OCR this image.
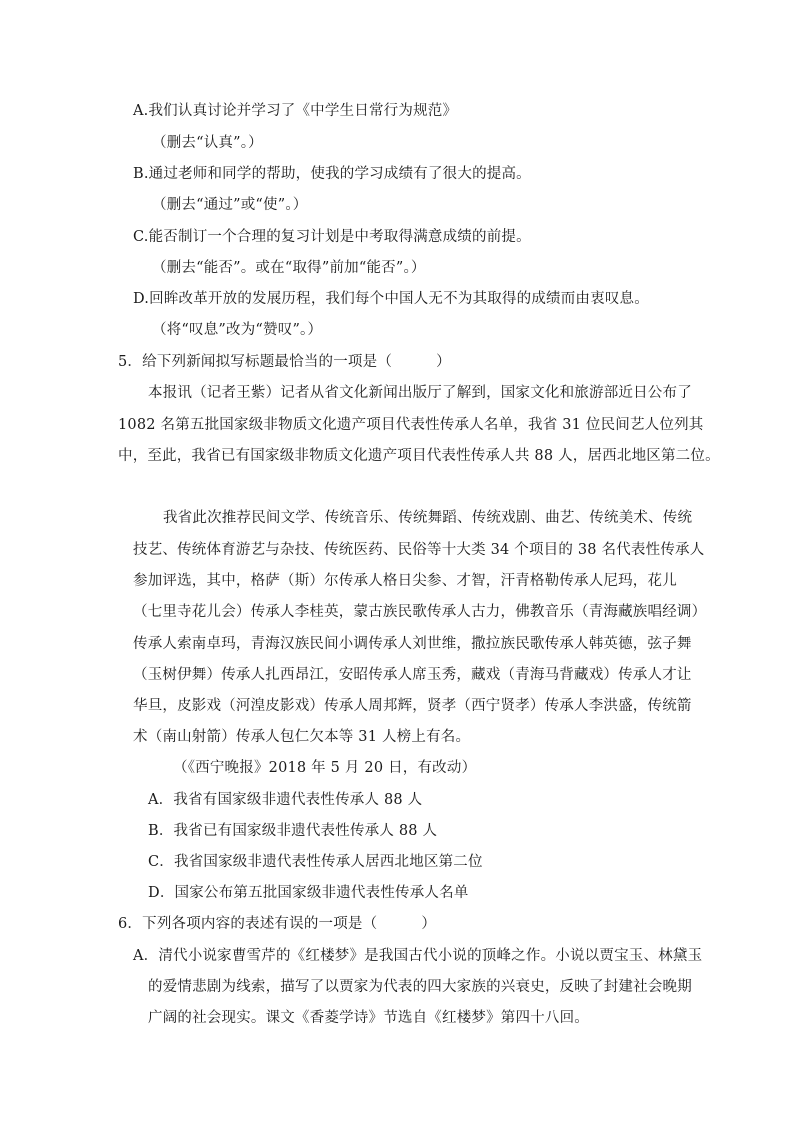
A.我们认真讨论并学习了《中学生日常行为规范》
（删去“认真”。）
B.通过老师和同学的帮助，使我的学习成绩有了很大的提高。
（删去“通过”或“使”。）
C.能否制订一个合理的复习计划是中考取得满意成绩的前提。
（删去“能否”。或在“取得”前加“能否”。）
D.回眸改革开放的发展历程，我们每个中国人无不为其取得的成绩而由衷叹息。
（将“叹息”改为“赞叹”。）
5．给下列新闻拟写标题最恰当的一项是（　　　）
本报讯（记者王紫）记者从省文化新闻出版厅了解到，国家文化和旅游部近日公布了
1082 名第五批国家级非物质文化遗产项目代表性传承人名单，我省 31 位民间艺人位列其
中，至此，我省已有国家级非物质文化遗产项目代表性传承人共 88 人，居西北地区第二位。
我省此次推荐民间文学、传统音乐、传统舞蹈、传统戏剧、曲艺、传统美术、传统
技艺、传统体育游艺与杂技、传统医药、民俗等十大类 34 个项目的 38 名代表性传承人
参加评选，其中，格萨（斯）尔传承人格日尖参、才智，汗青格勒传承人尼玛，花儿
（七里寺花儿会）传承人李桂英，蒙古族民歌传承人古力，佛教音乐（青海藏族唱经调）
传承人索南卓玛，青海汉族民间小调传承人刘世维，撒拉族民歌传承人韩英德，弦子舞
（玉树伊舞）传承人扎西昂江，安昭传承人席玉秀，藏戏（青海马背藏戏）传承人才让
华旦，皮影戏（河湟皮影戏）传承人周邦辉，贤孝（西宁贤孝）传承人李洪盛，传统箭
术（南山射箭）传承人包仁欠本等 31 人榜上有名。
（《西宁晚报》2018 年 5 月 20 日，有改动）
A．我省有国家级非遗代表性传承人 88 人
B．我省已有国家级非遗代表性传承人 88 人
C．我省国家级非遗代表性传承人居西北地区第二位
D．国家公布第五批国家级非遗代表性传承人名单
6．下列各项内容的表述有误的一项是（　　　）
A．清代小说家曹雪芹的《红楼梦》是我国古代小说的顶峰之作。小说以贾宝玉、林黛玉
的爱情悲剧为线索，描写了以贾家为代表的四大家族的兴衰史，反映了封建社会晚期
广阔的社会现实。课文《香菱学诗》节选自《红楼梦》第四十八回。
